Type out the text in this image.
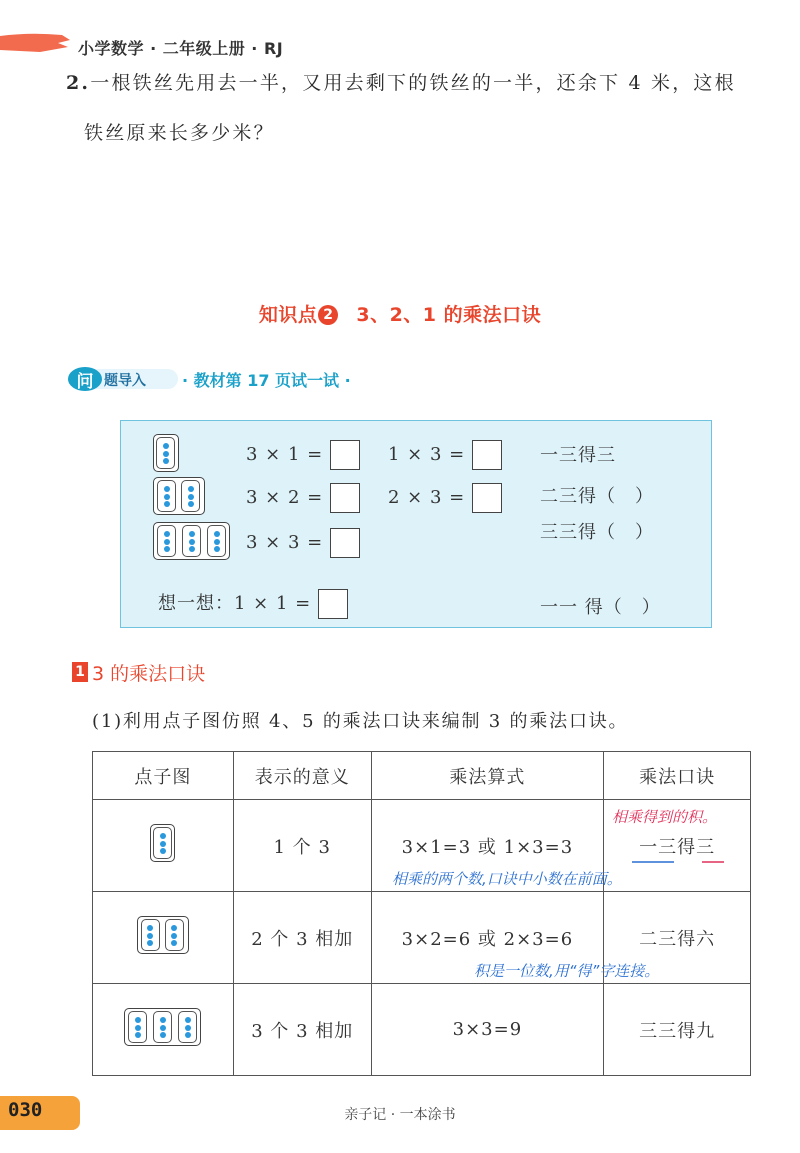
小学数学 · 二年级上册 · RJ
2.一根铁丝先用去一半，又用去剩下的铁丝的一半，还余下 4 米，这根
铁丝原来长多少米？
知识点 2 3、2、1 的乘法口诀
问 题导入 · 教材第 17 页试一试 ·
3 × 1 =
3 × 2 =
3 × 3 =
1 × 3 =
2 × 3 =
想一想：1 × 1 =
一三得三
二三得（　）
三三得（　）
一一 得（　）
1 3 的乘法口诀
(1)利用点子图仿照 4、5 的乘法口诀来编制 3 的乘法口诀。
点子图	表示的意义	乘法算式	乘法口诀

	1 个 3	3×1=3 或 1×3=3	一三得三

	2 个 3 相加	3×2=6 或 2×3=6	二三得六

	3 个 3 相加	3×3=9	三三得九
相乘得到的积。
相乘的两个数,口诀中小数在前面。
积是一位数,用“得”字连接。
030	亲子记 · 一本涂书
